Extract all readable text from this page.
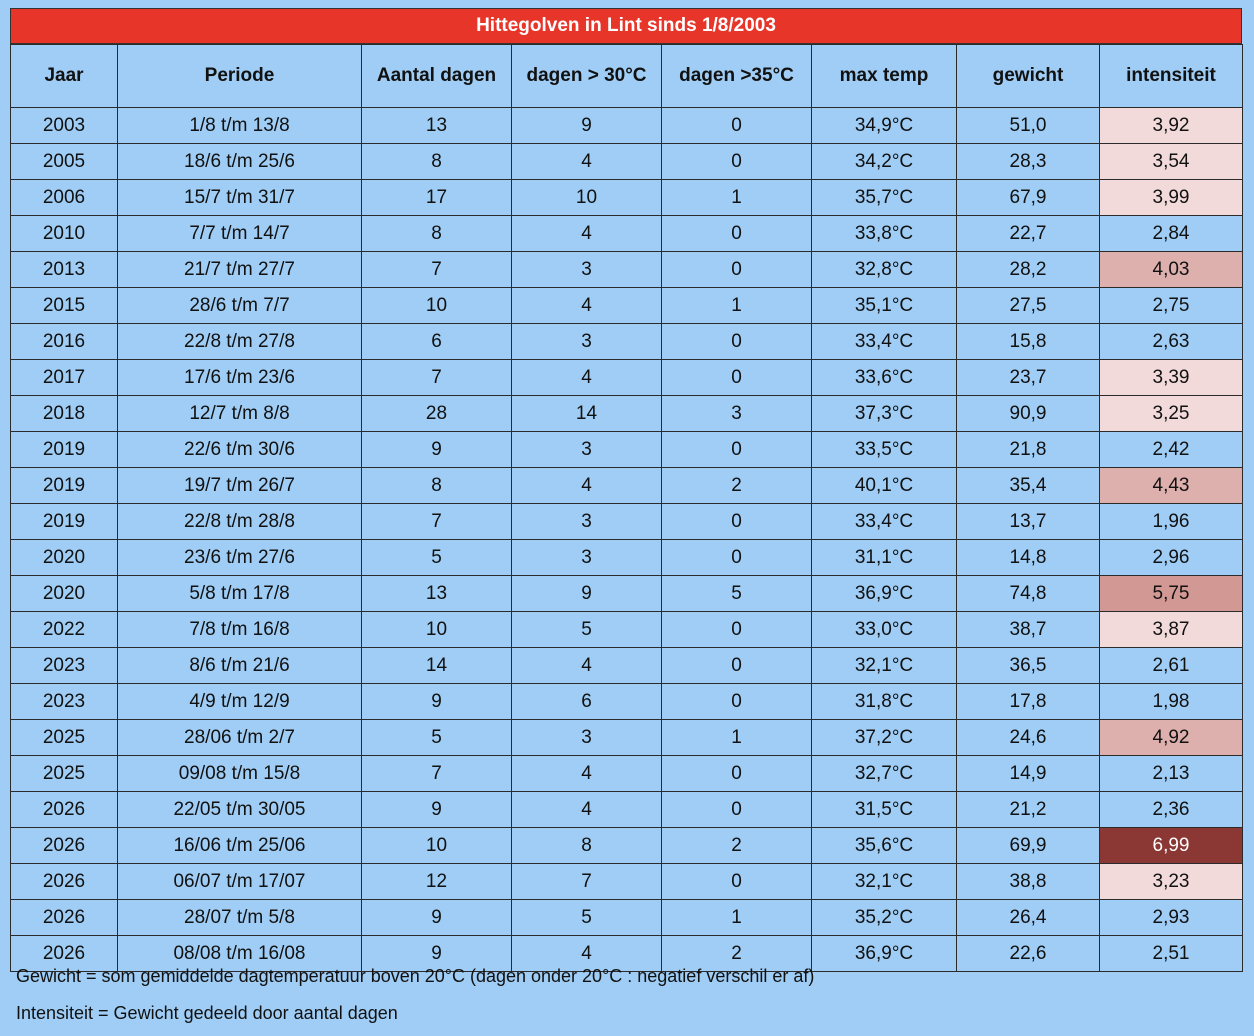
Hittegolven in Lint sinds 1/8/2003
Jaar	Periode	Aantal dagen	dagen > 30°C	dagen >35°C	max temp	gewicht	intensiteit
2003	1/8 t/m 13/8	13	9	0	34,9°C	51,0	3,92
2005	18/6 t/m 25/6	8	4	0	34,2°C	28,3	3,54
2006	15/7 t/m 31/7	17	10	1	35,7°C	67,9	3,99
2010	7/7 t/m 14/7	8	4	0	33,8°C	22,7	2,84
2013	21/7 t/m 27/7	7	3	0	32,8°C	28,2	4,03
2015	28/6 t/m 7/7	10	4	1	35,1°C	27,5	2,75
2016	22/8 t/m 27/8	6	3	0	33,4°C	15,8	2,63
2017	17/6 t/m 23/6	7	4	0	33,6°C	23,7	3,39
2018	12/7 t/m 8/8	28	14	3	37,3°C	90,9	3,25
2019	22/6 t/m 30/6	9	3	0	33,5°C	21,8	2,42
2019	19/7 t/m 26/7	8	4	2	40,1°C	35,4	4,43
2019	22/8 t/m 28/8	7	3	0	33,4°C	13,7	1,96
2020	23/6 t/m 27/6	5	3	0	31,1°C	14,8	2,96
2020	5/8 t/m 17/8	13	9	5	36,9°C	74,8	5,75
2022	7/8 t/m 16/8	10	5	0	33,0°C	38,7	3,87
2023	8/6 t/m 21/6	14	4	0	32,1°C	36,5	2,61
2023	4/9 t/m 12/9	9	6	0	31,8°C	17,8	1,98
2025	28/06 t/m 2/7	5	3	1	37,2°C	24,6	4,92
2025	09/08 t/m 15/8	7	4	0	32,7°C	14,9	2,13
2026	22/05 t/m 30/05	9	4	0	31,5°C	21,2	2,36
2026	16/06 t/m 25/06	10	8	2	35,6°C	69,9	6,99
2026	06/07 t/m 17/07	12	7	0	32,1°C	38,8	3,23
2026	28/07 t/m 5/8	9	5	1	35,2°C	26,4	2,93
2026	08/08 t/m 16/08	9	4	2	36,9°C	22,6	2,51
Gewicht = som gemiddelde dagtemperatuur boven 20°C (dagen onder 20°C : negatief verschil er af)
Intensiteit = Gewicht gedeeld door aantal dagen
